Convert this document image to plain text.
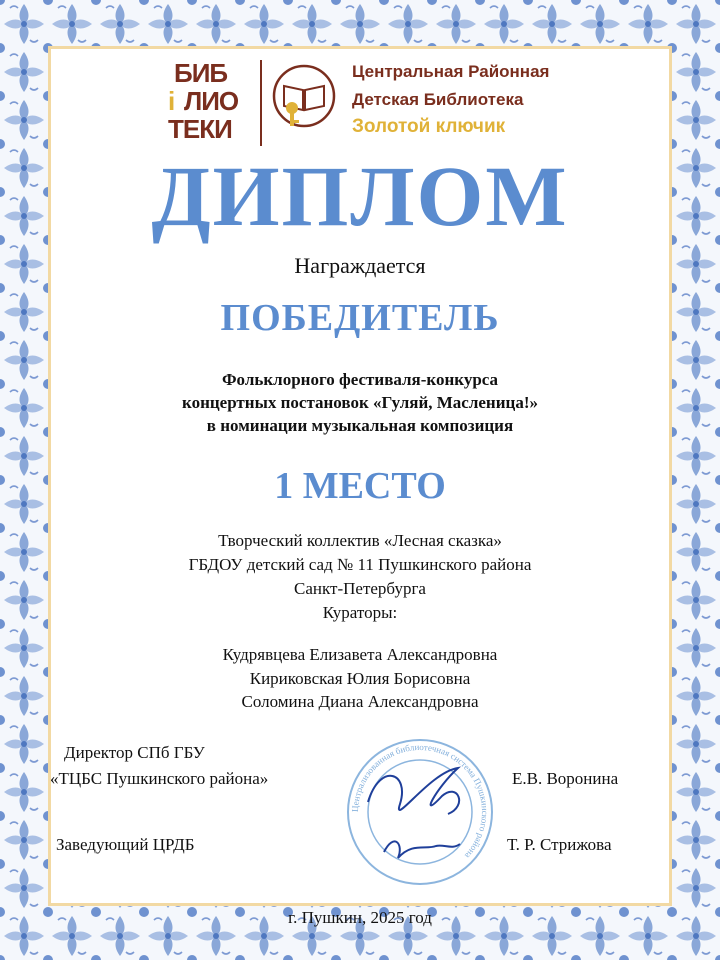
БИБ
i ЛИО
ТЕКИ
Центральная Районная
Детская Библиотека
Золотой ключик
ДИПЛОМ
Награждается
ПОБЕДИТЕЛЬ
Фольклорного фестиваля-конкурса
концертных постановок «Гуляй, Масленица!»
в номинации музыкальная композиция
1 МЕСТО
Творческий коллектив «Лесная сказка»
ГБДОУ детский сад № 11 Пушкинского района
Санкт-Петербурга
Кураторы:
Кудрявцева Елизавета Александровна
Кириковская Юлия Борисовна
Соломина Диана Александровна
Централизованная библиотечная система Пушкинского района
Директор СПб ГБУ
«ТЦБС Пушкинского района»	Е.В. Воронина
Заведующий ЦРДБ	Т. Р. Стрижова
г. Пушкин, 2025 год
